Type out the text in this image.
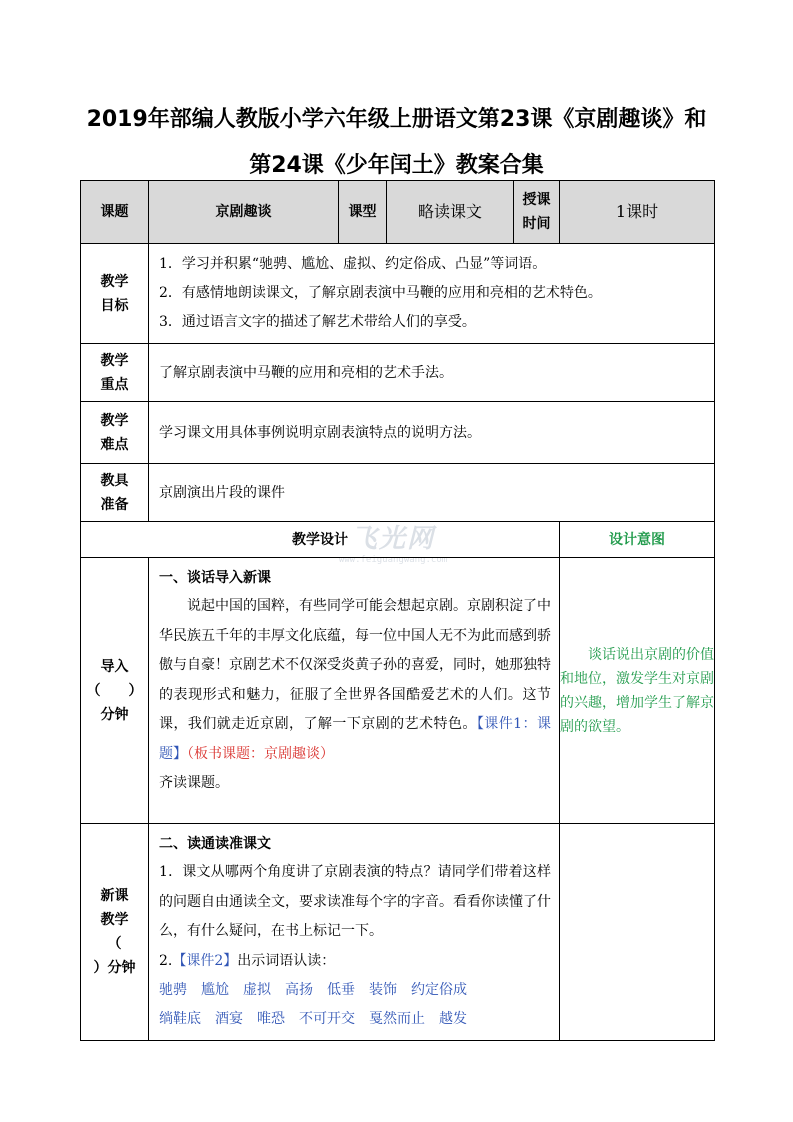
2019年部编人教版小学六年级上册语文第23课《京剧趣谈》和第24课《少年闰土》教案合集
飞光网
www.feiguangwang.com
课题	京剧趣谈	课型	略读课文	授课时间	1课时
教学目标	1．学习并积累“驰骋、尴尬、虚拟、约定俗成、凸显”等词语。
2．有感情地朗读课文，了解京剧表演中马鞭的应用和亮相的艺术特色。
3．通过语言文字的描述了解艺术带给人们的享受。				

教学重点	了解京剧表演中马鞭的应用和亮相的艺术手法。				
教学难点	学习课文用具体事例说明京剧表演特点的说明方法。				
教具准备	京剧演出片段的课件				
教学设计					设计意图

导入
（　　）
分钟	一、谈话导入新课
说起中国的国粹，有些同学可能会想起京剧。京剧积淀了中华民族五千年的丰厚文化底蕴，每一位中国人无不为此而感到骄傲与自豪！京剧艺术不仅深受炎黄子孙的喜爱，同时，她那独特的表现形式和魅力，征服了全世界各国酷爱艺术的人们。这节课，我们就走近京剧，了解一下京剧的艺术特色。【课件1：课题】（板书课题：京剧趣谈）
齐读课题。				谈话说出京剧的价值和地位，激发学生对京剧的兴趣，增加学生了解京剧的欲望。

新课
教学
（
）分钟	二、读通读准课文
1．课文从哪两个角度讲了京剧表演的特点？请同学们带着这样的问题自由通读全文，要求读准每个字的字音。看看你读懂了什么，有什么疑问，在书上标记一下。
2.【课件2】出示词语认读：
驰骋 尴尬 虚拟 高扬 低垂 装饰 约定俗成
绱鞋底 酒宴 唯恐 不可开交 戛然而止 越发				
